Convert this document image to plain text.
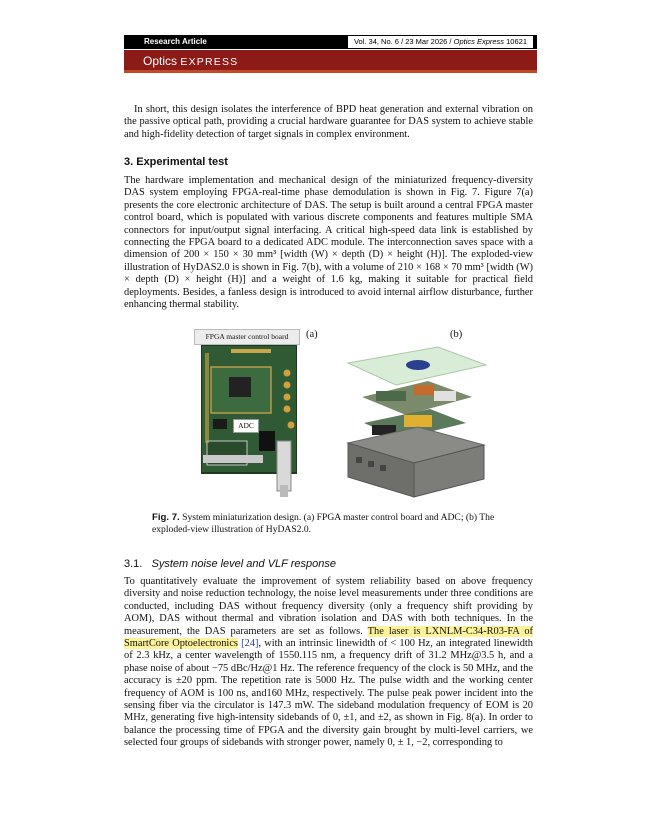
Research Article	Vol. 34, No. 6 / 23 Mar 2026 / Optics Express 10621
Optics EXPRESS

In short, this design isolates the interference of BPD heat generation and external vibration on the passive optical path, providing a crucial hardware guarantee for DAS system to achieve stable and high-fidelity detection of target signals in complex environment.

3. Experimental test

The hardware implementation and mechanical design of the miniaturized frequency-diversity DAS system employing FPGA-real-time phase demodulation is shown in Fig. 7. Figure 7(a) presents the core electronic architecture of DAS. The setup is built around a central FPGA master control board, which is populated with various discrete components and features multiple SMA connectors for input/output signal interfacing. A critical high-speed data link is established by connecting the FPGA board to a dedicated ADC module. The interconnection saves space with a dimension of 200 × 150 × 30 mm³ [width (W) × depth (D) × height (H)]. The exploded-view illustration of HyDAS2.0 is shown in Fig. 7(b), with a volume of 210 × 168 × 70 mm³ [width (W) × depth (D) × height (H)] and a weight of 1.6 kg, making it suitable for practical field deployments. Besides, a fanless design is introduced to avoid internal airflow disturbance, further enhancing thermal stability.

(a)	(b)
FPGA master control board
ADC
Fig. 7. System miniaturization design. (a) FPGA master control board and ADC; (b) The exploded-view illustration of HyDAS2.0.
3.1. System noise level and VLF response

To quantitatively evaluate the improvement of system reliability based on above frequency diversity and noise reduction technology, the noise level measurements under three conditions are conducted, including DAS without frequency diversity (only a frequency shift providing by AOM), DAS without thermal and vibration isolation and DAS with both techniques. In the measurement, the DAS parameters are set as follows. The laser is LXNLM-C34-R03-FA of SmartCore Optoelectronics [24], with an intrinsic linewidth of < 100 Hz, an integrated linewidth of 2.3 kHz, a center wavelength of 1550.115 nm, a frequency drift of 31.2 MHz@3.5 h, and a phase noise of about −75 dBc/Hz@1 Hz. The reference frequency of the clock is 50 MHz, and the accuracy is ±20 ppm. The repetition rate is 5000 Hz. The pulse width and the working center frequency of AOM is 100 ns, and160 MHz, respectively. The pulse peak power incident into the sensing fiber via the circulator is 147.3 mW. The sideband modulation frequency of EOM is 20 MHz, generating five high-intensity sidebands of 0, ±1, and ±2, as shown in Fig. 8(a). In order to balance the processing time of FPGA and the diversity gain brought by multi-level carriers, we selected four groups of sidebands with stronger power, namely 0, ± 1, −2, corresponding to
